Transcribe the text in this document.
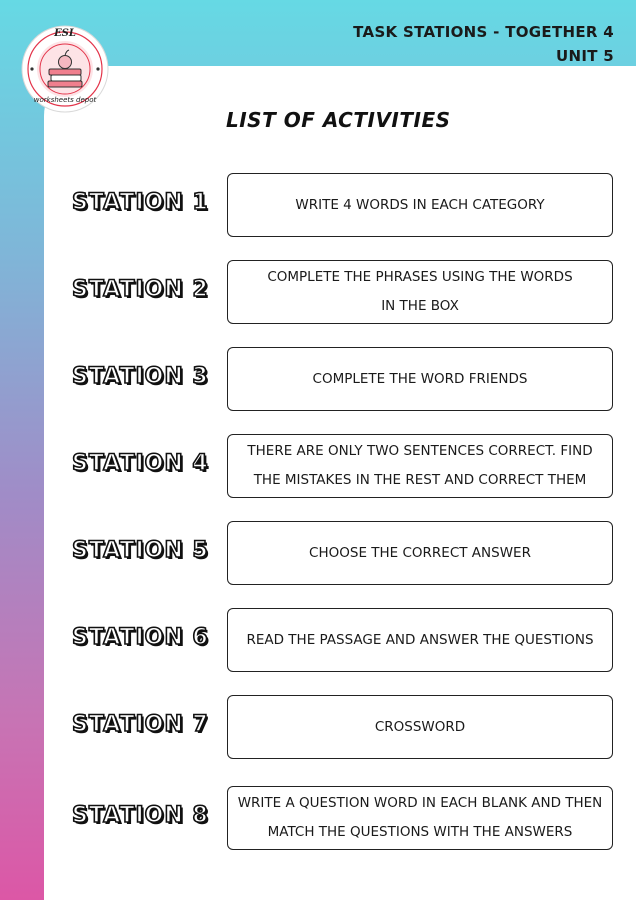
ESL
worksheets depot
TASK STATIONS - TOGETHER 4
UNIT 5
LIST OF ACTIVITIES
STATION 1	WRITE 4 WORDS IN EACH CATEGORY
STATION 2	COMPLETE THE PHRASES USING THE WORDS IN THE BOX
STATION 3	COMPLETE THE WORD FRIENDS
STATION 4	THERE ARE ONLY TWO SENTENCES CORRECT. FIND THE MISTAKES IN THE REST AND CORRECT THEM
STATION 5	CHOOSE THE CORRECT ANSWER
STATION 6	READ THE PASSAGE AND ANSWER THE QUESTIONS
STATION 7	CROSSWORD
STATION 8	WRITE A QUESTION WORD IN EACH BLANK AND THEN MATCH THE QUESTIONS WITH THE ANSWERS
